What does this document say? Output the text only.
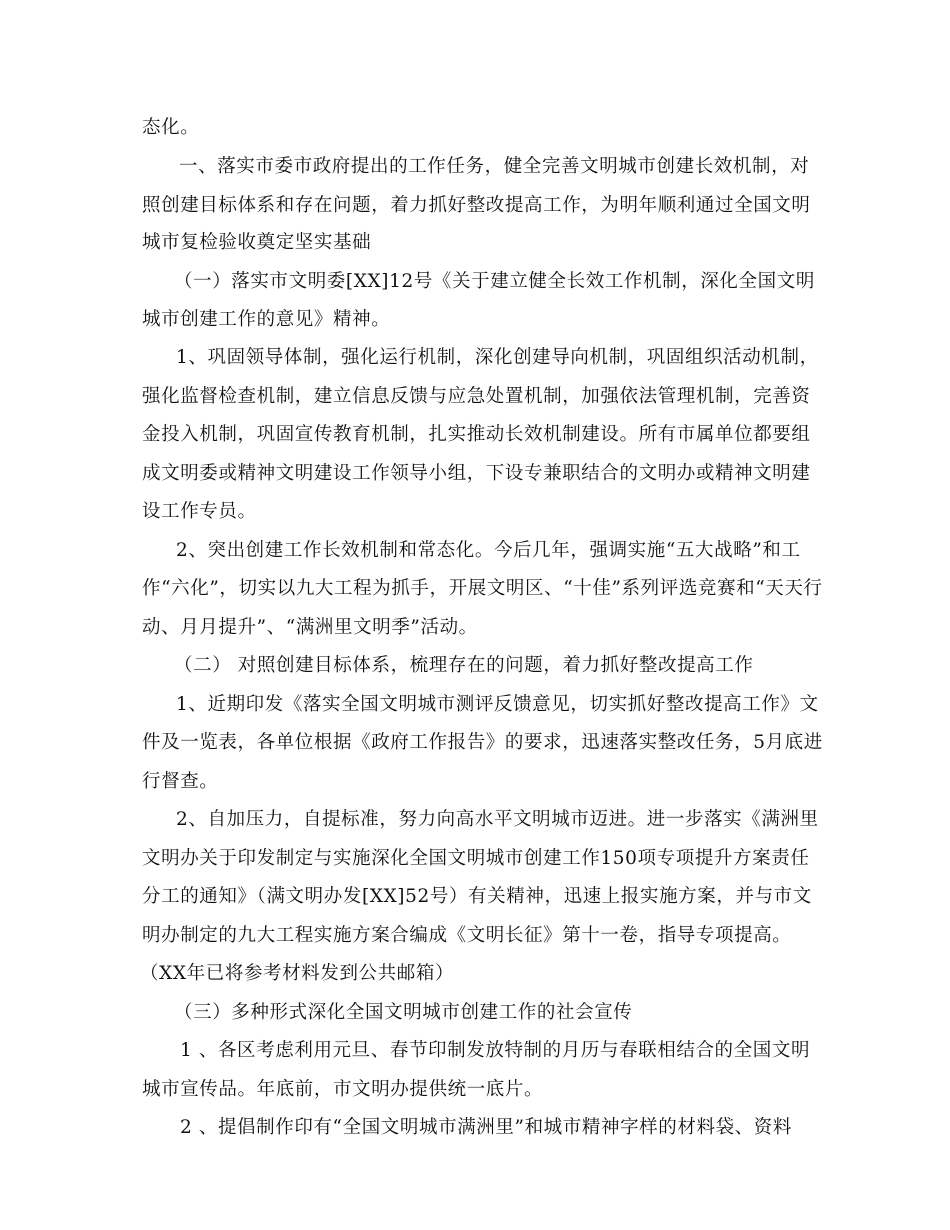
态化。
一、落实市委市政府提出的工作任务，健全完善文明城市创建长效机制，对
照创建目标体系和存在问题，着力抓好整改提高工作，为明年顺利通过全国文明
城市复检验收奠定坚实基础
（一）落实市文明委[XX]12号《关于建立健全长效工作机制，深化全国文明
城市创建工作的意见》精神。
1、巩固领导体制，强化运行机制，深化创建导向机制，巩固组织活动机制，
强化监督检查机制，建立信息反馈与应急处置机制，加强依法管理机制，完善资
金投入机制，巩固宣传教育机制，扎实推动长效机制建设。所有市属单位都要组
成文明委或精神文明建设工作领导小组，下设专兼职结合的文明办或精神文明建
设工作专员。
2、突出创建工作长效机制和常态化。今后几年，强调实施“五大战略”和工
作“六化”，切实以九大工程为抓手，开展文明区、“十佳”系列评选竞赛和“天天行
动、月月提升”、“满洲里文明季”活动。
（二） 对照创建目标体系，梳理存在的问题，着力抓好整改提高工作
1、近期印发《落实全国文明城市测评反馈意见，切实抓好整改提高工作》文
件及一览表，各单位根据《政府工作报告》的要求，迅速落实整改任务，5月底进
行督查。
2、自加压力，自提标准，努力向高水平文明城市迈进。进一步落实《满洲里
文明办关于印发制定与实施深化全国文明城市创建工作150项专项提升方案责任
分工的通知》（满文明办发[XX]52号）有关精神，迅速上报实施方案，并与市文
明办制定的九大工程实施方案合编成《文明长征》第十一卷，指导专项提高。
（XX年已将参考材料发到公共邮箱）
（三）多种形式深化全国文明城市创建工作的社会宣传
1 、各区考虑利用元旦、春节印制发放特制的月历与春联相结合的全国文明
城市宣传品。年底前，市文明办提供统一底片。
2 、提倡制作印有“全国文明城市满洲里”和城市精神字样的材料袋、资料
